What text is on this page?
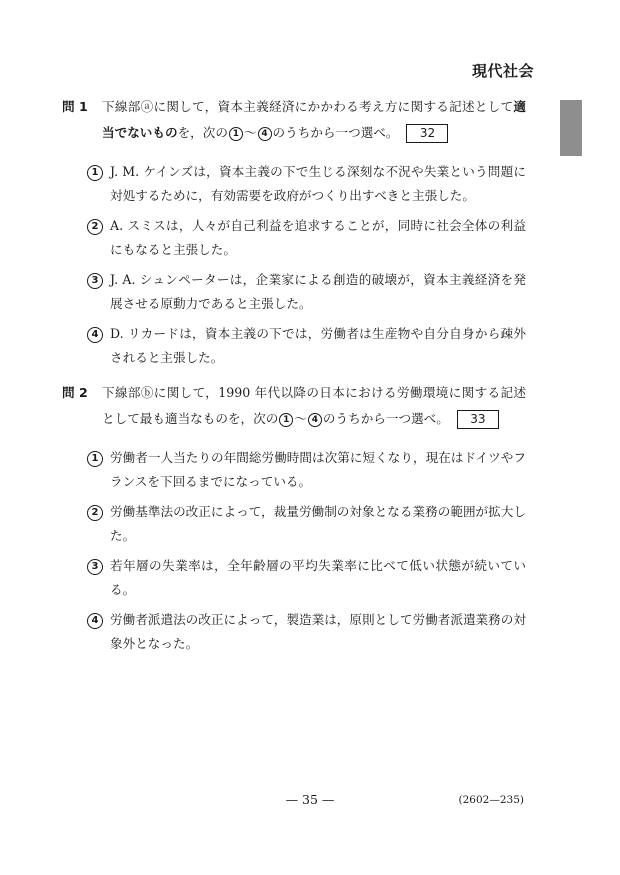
現代社会
問 1	下線部ⓐに関して，資本主義経済にかかわる考え方に関する記述として適当でないものを，次の 1 〜 4 のうちから一つ選べ。 32
1 J. M. ケインズは，資本主義の下で生じる深刻な不況や失業という問題に対処するために，有効需要を政府がつくり出すべきと主張した。
2 A. スミスは，人々が自己利益を追求することが，同時に社会全体の利益にもなると主張した。
3 J. A. シュンペーターは，企業家による創造的破壊が，資本主義経済を発展させる原動力であると主張した。
4 D. リカードは，資本主義の下では，労働者は生産物や自分自身から疎外されると主張した。
問 2	下線部ⓑに関して，1990 年代以降の日本における労働環境に関する記述として最も適当なものを，次の 1 〜 4 のうちから一つ選べ。 33
1 労働者一人当たりの年間総労働時間は次第に短くなり，現在はドイツやフランスを下回るまでになっている。
2 労働基準法の改正によって，裁量労働制の対象となる業務の範囲が拡大した。
3 若年層の失業率は，全年齢層の平均失業率に比べて低い状態が続いている。
4 労働者派遣法の改正によって，製造業は，原則として労働者派遣業務の対象外となった。
— 35 —	(2602—235)
